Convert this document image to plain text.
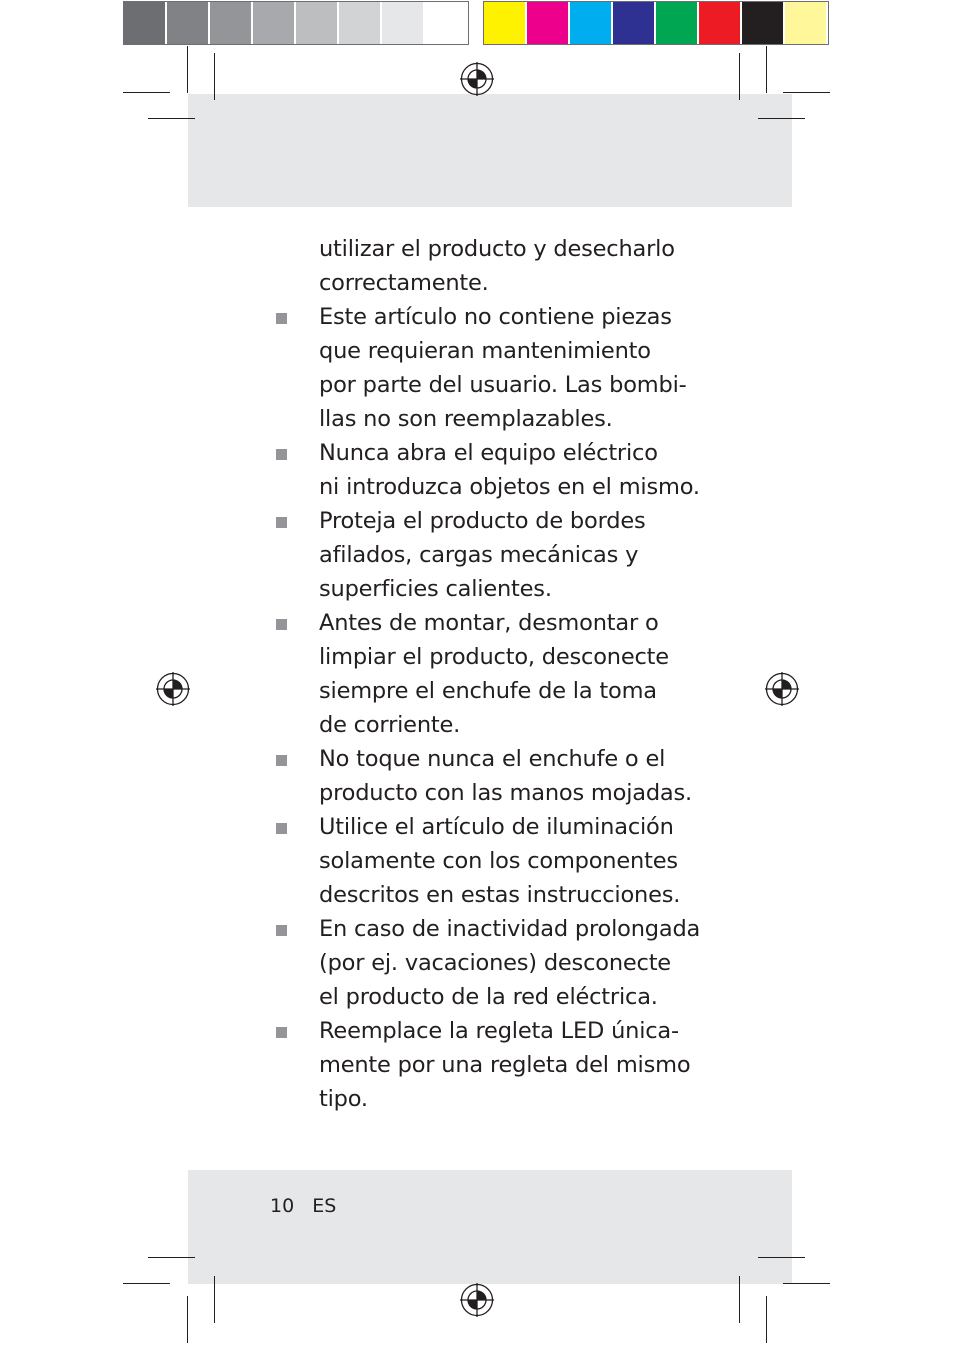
utilizar el producto y desecharlo
correctamente.
Este artículo no contiene piezas
que requieran mantenimiento
por parte del usuario. Las bombi-
llas no son reemplazables.
Nunca abra el equipo eléctrico
ni introduzca objetos en el mismo.
Proteja el producto de bordes
afilados, cargas mecánicas y
superficies calientes.
Antes de montar, desmontar o
limpiar el producto, desconecte
siempre el enchufe de la toma
de corriente.
No toque nunca el enchufe o el
producto con las manos mojadas.
Utilice el artículo de iluminación
solamente con los componentes
descritos en estas instrucciones.
En caso de inactividad prolongada
(por ej. vacaciones) desconecte
el producto de la red eléctrica.
Reemplace la regleta LED única-
mente por una regleta del mismo
tipo.
10 ES
